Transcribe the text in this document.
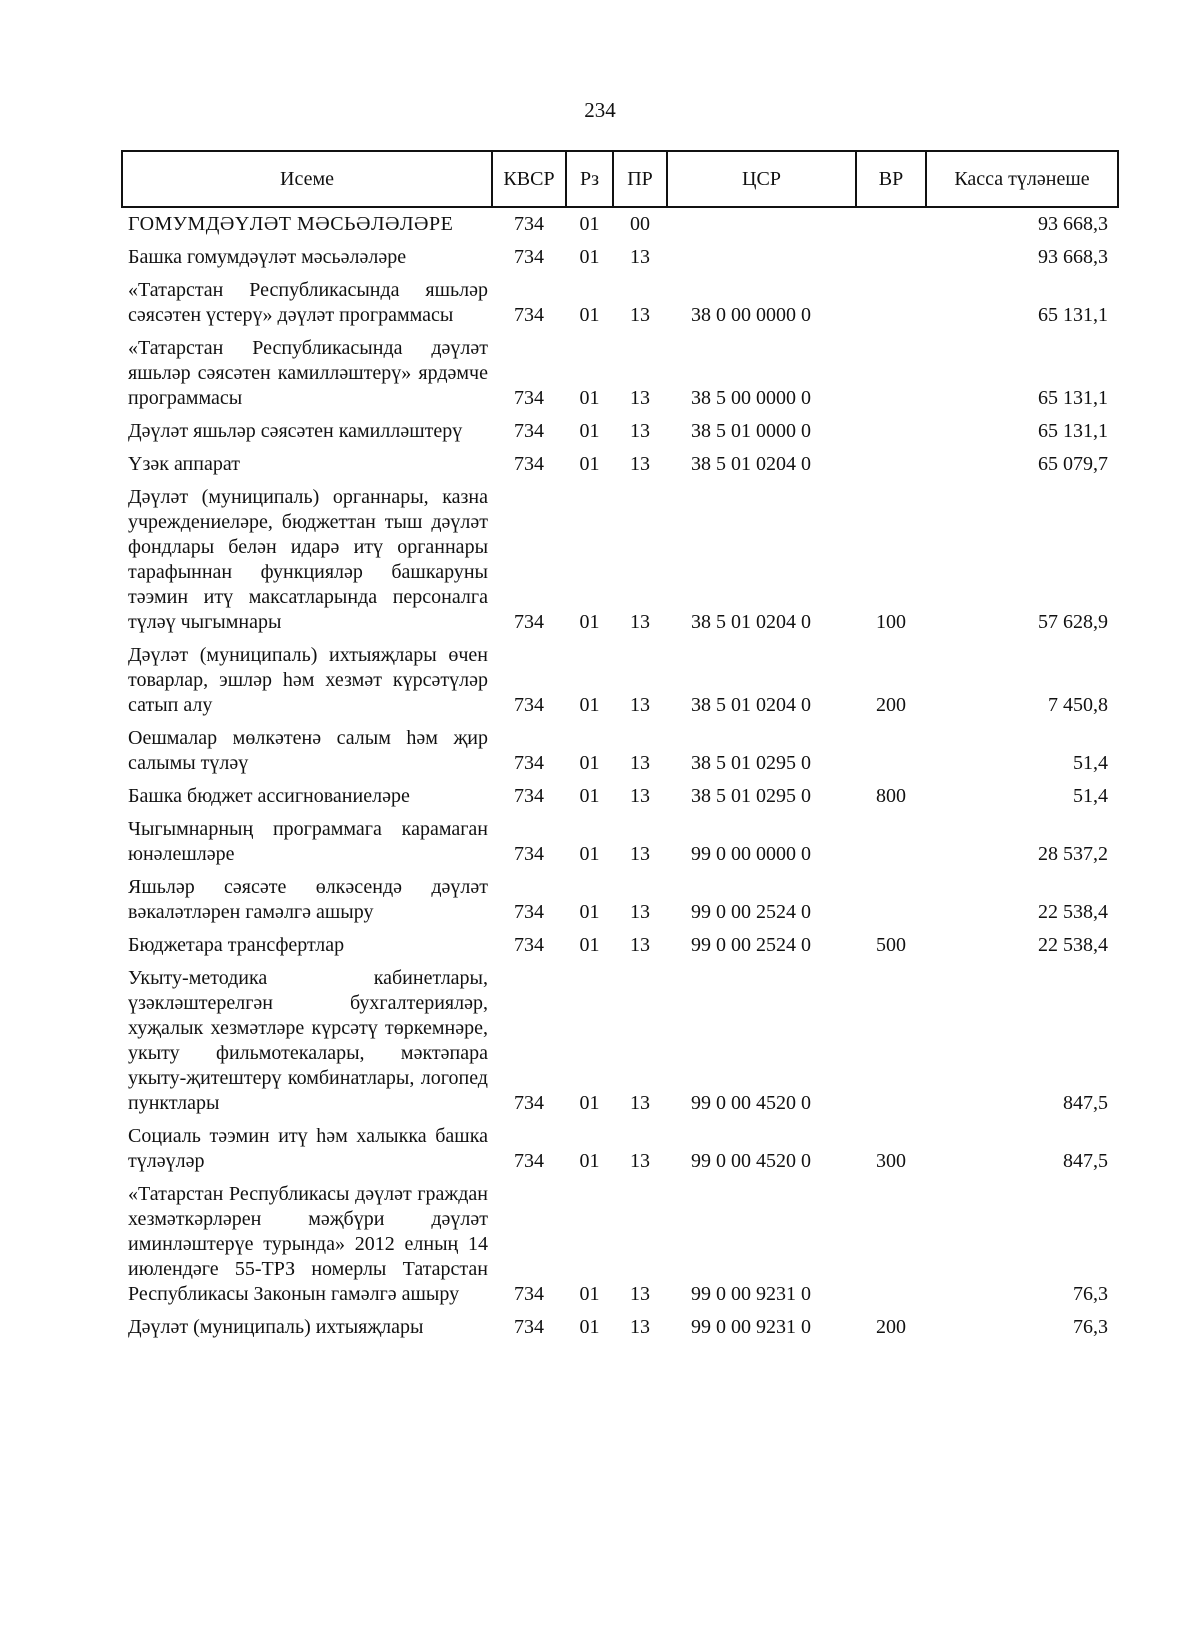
234
Исеме	КВСР	Рз	ПР	ЦСР	ВР	Касса түләнеше
ГОМУМДӘҮЛӘТ МӘСЬӘЛӘЛӘРЕ	734	01	00			93 668,3
Башка гомумдәүләт мәсьәләләре	734	01	13			93 668,3
«Татарстан Республикасында яшьләр сәясәтен үстерү» дәүләт программасы	734	01	13	38 0 00 0000 0		65 131,1
«Татарстан Республикасында дәүләт яшьләр сәясәтен камилләштерү» ярдәмче программасы	734	01	13	38 5 00 0000 0		65 131,1
Дәүләт яшьләр сәясәтен камилләштерү	734	01	13	38 5 01 0000 0		65 131,1
Үзәк аппарат	734	01	13	38 5 01 0204 0		65 079,7
Дәүләт (муниципаль) органнары, казна учреждениеләре, бюджеттан тыш дәүләт фондлары белән идарә итү органнары тарафыннан функцияләр башкаруны тәэмин итү максатларында персоналга түләү чыгымнары	734	01	13	38 5 01 0204 0	100	57 628,9
Дәүләт (муниципаль) ихтыяҗлары өчен товарлар, эшләр һәм хезмәт күрсәтүләр сатып алу	734	01	13	38 5 01 0204 0	200	7 450,8
Оешмалар мөлкәтенә салым һәм җир салымы түләү	734	01	13	38 5 01 0295 0		51,4
Башка бюджет ассигнованиеләре	734	01	13	38 5 01 0295 0	800	51,4
Чыгымнарның программага карамаган юнәлешләре	734	01	13	99 0 00 0000 0		28 537,2
Яшьләр сәясәте өлкәсендә дәүләт вәкаләтләрен гамәлгә ашыру	734	01	13	99 0 00 2524 0		22 538,4
Бюджетара трансфертлар	734	01	13	99 0 00 2524 0	500	22 538,4
Укыту-методика кабинетлары, үзәкләштерелгән бухгалтерияләр, хуҗалык хезмәтләре күрсәтү төркемнәре, укыту фильмотекалары, мәктәпара укыту-җитештерү комбинатлары, логопед пунктлары	734	01	13	99 0 00 4520 0		847,5
Социаль тәэмин итү һәм халыкка башка түләүләр	734	01	13	99 0 00 4520 0	300	847,5
«Татарстан Республикасы дәүләт граждан хезмәткәрләрен мәҗбүри дәүләт иминләштерүе турында» 2012 елның 14 июлендәге 55-ТРЗ номерлы Татарстан Республикасы Законын гамәлгә ашыру	734	01	13	99 0 00 9231 0		76,3
Дәүләт (муниципаль) ихтыяҗлары	734	01	13	99 0 00 9231 0	200	76,3
